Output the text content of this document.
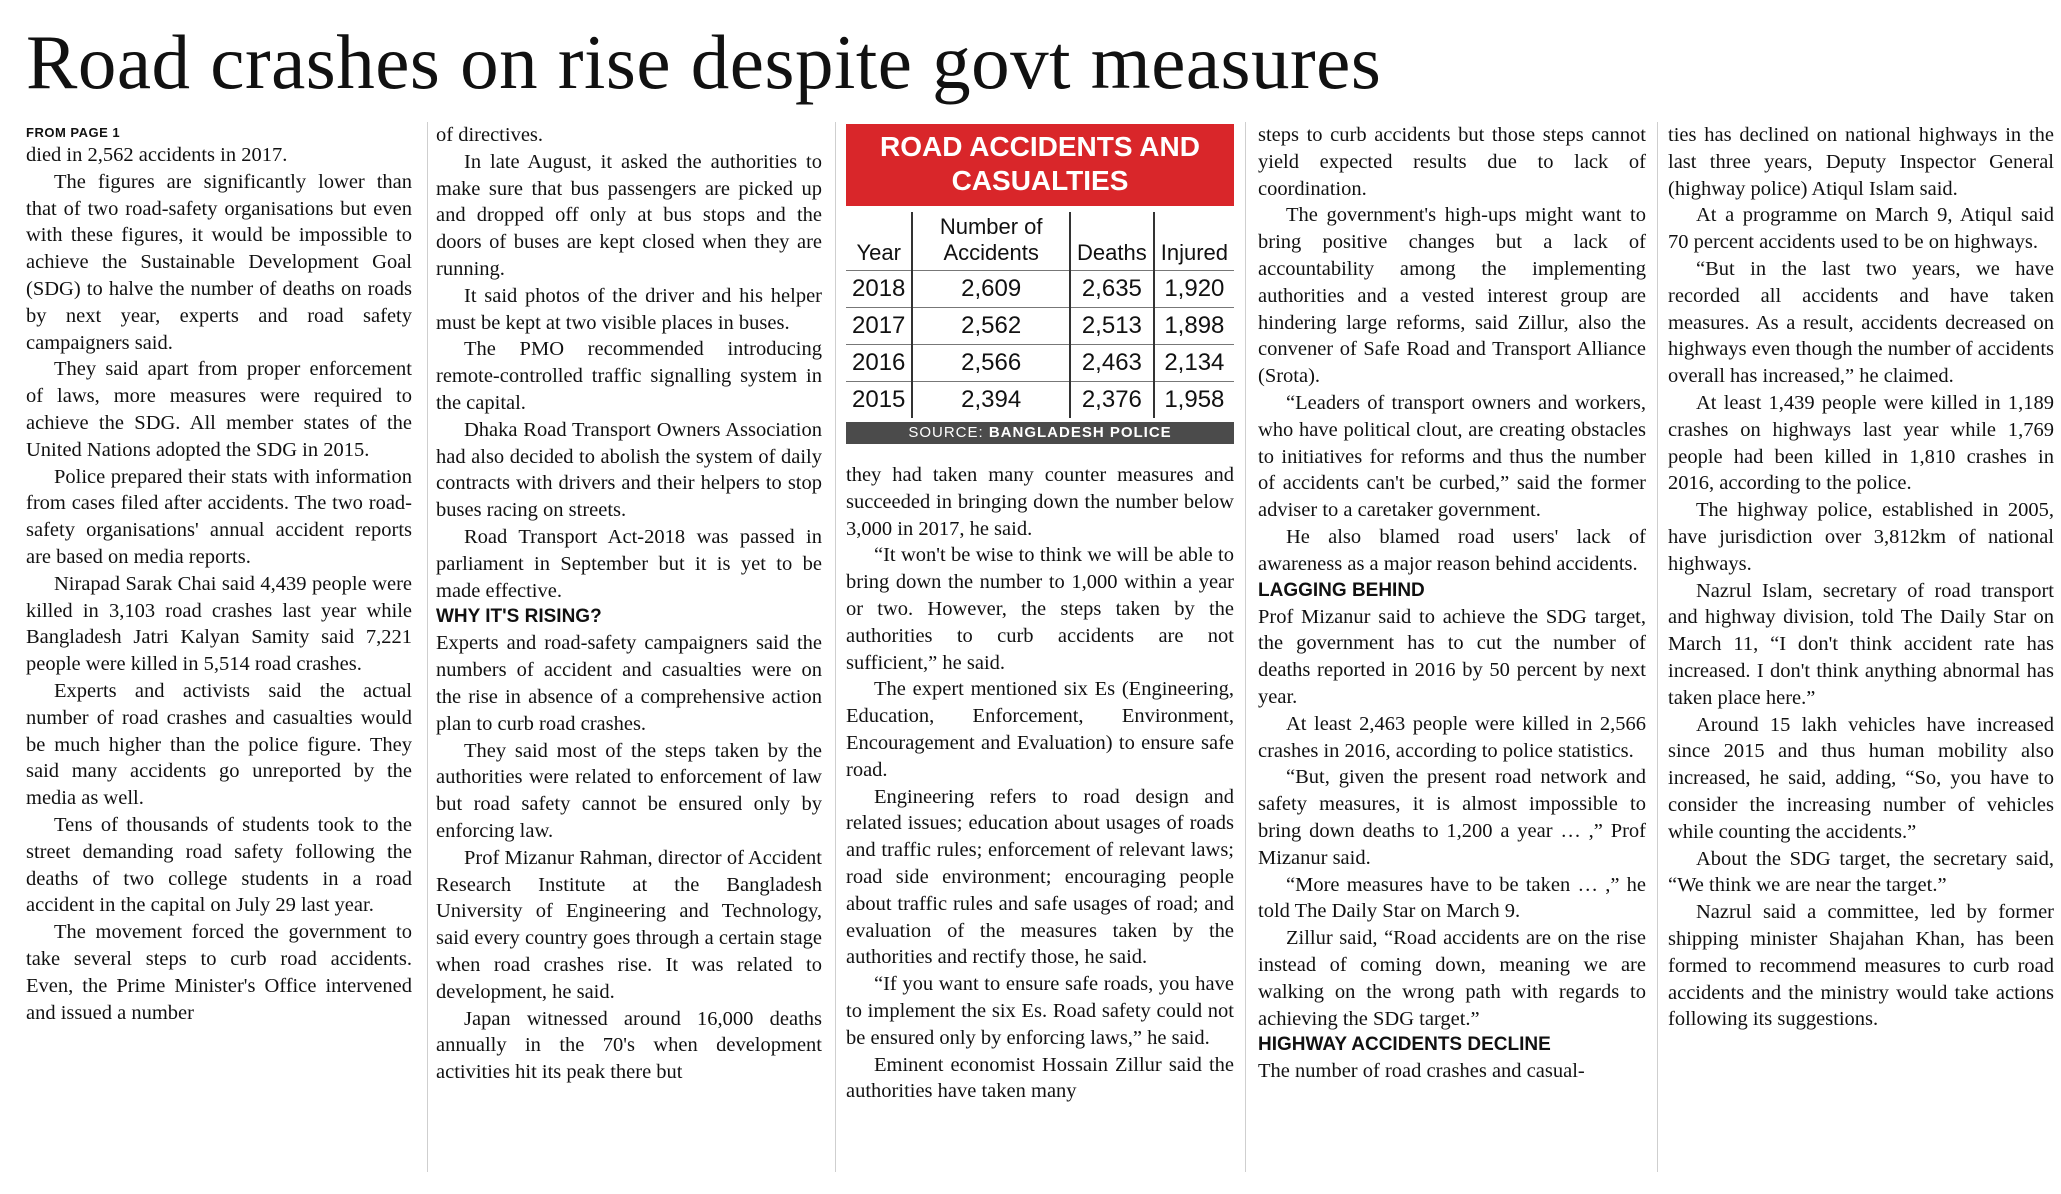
Road crashes on rise despite govt measures
FROM PAGE 1

died in 2,562 accidents in 2017.

The figures are significantly lower than that of two road-safety organisations but even with these figures, it would be impossible to achieve the Sustainable Development Goal (SDG) to halve the number of deaths on roads by next year, experts and road safety campaigners said.

They said apart from proper enforcement of laws, more measures were required to achieve the SDG. All member states of the United Nations adopted the SDG in 2015.

Police prepared their stats with information from cases filed after accidents. The two road-safety organisations' annual accident reports are based on media reports.

Nirapad Sarak Chai said 4,439 people were killed in 3,103 road crashes last year while Bangladesh Jatri Kalyan Samity said 7,221 people were killed in 5,514 road crashes.

Experts and activists said the actual number of road crashes and casualties would be much higher than the police figure. They said many accidents go unreported by the media as well.

Tens of thousands of students took to the street demanding road safety following the deaths of two college students in a road accident in the capital on July 29 last year.

The movement forced the government to take several steps to curb road accidents. Even, the Prime Minister's Office intervened and issued a number

of directives.

In late August, it asked the authorities to make sure that bus passengers are picked up and dropped off only at bus stops and the doors of buses are kept closed when they are running.

It said photos of the driver and his helper must be kept at two visible places in buses.

The PMO recommended introducing remote-controlled traffic signalling system in the capital.

Dhaka Road Transport Owners Association had also decided to abolish the system of daily contracts with drivers and their helpers to stop buses racing on streets.

Road Transport Act-2018 was passed in parliament in September but it is yet to be made effective.

WHY IT'S RISING?

Experts and road-safety campaigners said the numbers of accident and casualties were on the rise in absence of a comprehensive action plan to curb road crashes.

They said most of the steps taken by the authorities were related to enforcement of law but road safety cannot be ensured only by enforcing law.

Prof Mizanur Rahman, director of Accident Research Institute at the Bangladesh University of Engineering and Technology, said every country goes through a certain stage when road crashes rise. It was related to development, he said.

Japan witnessed around 16,000 deaths annually in the 70's when development activities hit its peak there but

ROAD ACCIDENTS AND CASUALTIES
Year	Number of Accidents	Deaths	Injured
2018	2,609	2,635	1,920
2017	2,562	2,513	1,898
2016	2,566	2,463	2,134
2015	2,394	2,376	1,958
SOURCE: BANGLADESH POLICE

they had taken many counter measures and succeeded in bringing down the number below 3,000 in 2017, he said.

“It won't be wise to think we will be able to bring down the number to 1,000 within a year or two. However, the steps taken by the authorities to curb accidents are not sufficient,” he said.

The expert mentioned six Es (Engineering, Education, Enforcement, Environment, Encouragement and Evaluation) to ensure safe road.

Engineering refers to road design and related issues; education about usages of roads and traffic rules; enforcement of relevant laws; road side environment; encouraging people about traffic rules and safe usages of road; and evaluation of the measures taken by the authorities and rectify those, he said.

“If you want to ensure safe roads, you have to implement the six Es. Road safety could not be ensured only by enforcing laws,” he said.

Eminent economist Hossain Zillur said the authorities have taken many

steps to curb accidents but those steps cannot yield expected results due to lack of coordination.

The government's high-ups might want to bring positive changes but a lack of accountability among the implementing authorities and a vested interest group are hindering large reforms, said Zillur, also the convener of Safe Road and Transport Alliance (Srota).

“Leaders of transport owners and workers, who have political clout, are creating obstacles to initiatives for reforms and thus the number of accidents can't be curbed,” said the former adviser to a caretaker government.

He also blamed road users' lack of awareness as a major reason behind accidents.

LAGGING BEHIND

Prof Mizanur said to achieve the SDG target, the government has to cut the number of deaths reported in 2016 by 50 percent by next year.

At least 2,463 people were killed in 2,566 crashes in 2016, according to police statistics.

“But, given the present road network and safety measures, it is almost impossible to bring down deaths to 1,200 a year … ,” Prof Mizanur said.

“More measures have to be taken … ,” he told The Daily Star on March 9.

Zillur said, “Road accidents are on the rise instead of coming down, meaning we are walking on the wrong path with regards to achieving the SDG target.”

HIGHWAY ACCIDENTS DECLINE

The number of road crashes and casual-

ties has declined on national highways in the last three years, Deputy Inspector General (highway police) Atiqul Islam said.

At a programme on March 9, Atiqul said 70 percent accidents used to be on highways.

“But in the last two years, we have recorded all accidents and have taken measures. As a result, accidents decreased on highways even though the number of accidents overall has increased,” he claimed.

At least 1,439 people were killed in 1,189 crashes on highways last year while 1,769 people had been killed in 1,810 crashes in 2016, according to the police.

The highway police, established in 2005, have jurisdiction over 3,812km of national highways.

Nazrul Islam, secretary of road transport and highway division, told The Daily Star on March 11, “I don't think accident rate has increased. I don't think anything abnormal has taken place here.”

Around 15 lakh vehicles have increased since 2015 and thus human mobility also increased, he said, adding, “So, you have to consider the increasing number of vehicles while counting the accidents.”

About the SDG target, the secretary said, “We think we are near the target.”

Nazrul said a committee, led by former shipping minister Shajahan Khan, has been formed to recommend measures to curb road accidents and the ministry would take actions following its suggestions.
